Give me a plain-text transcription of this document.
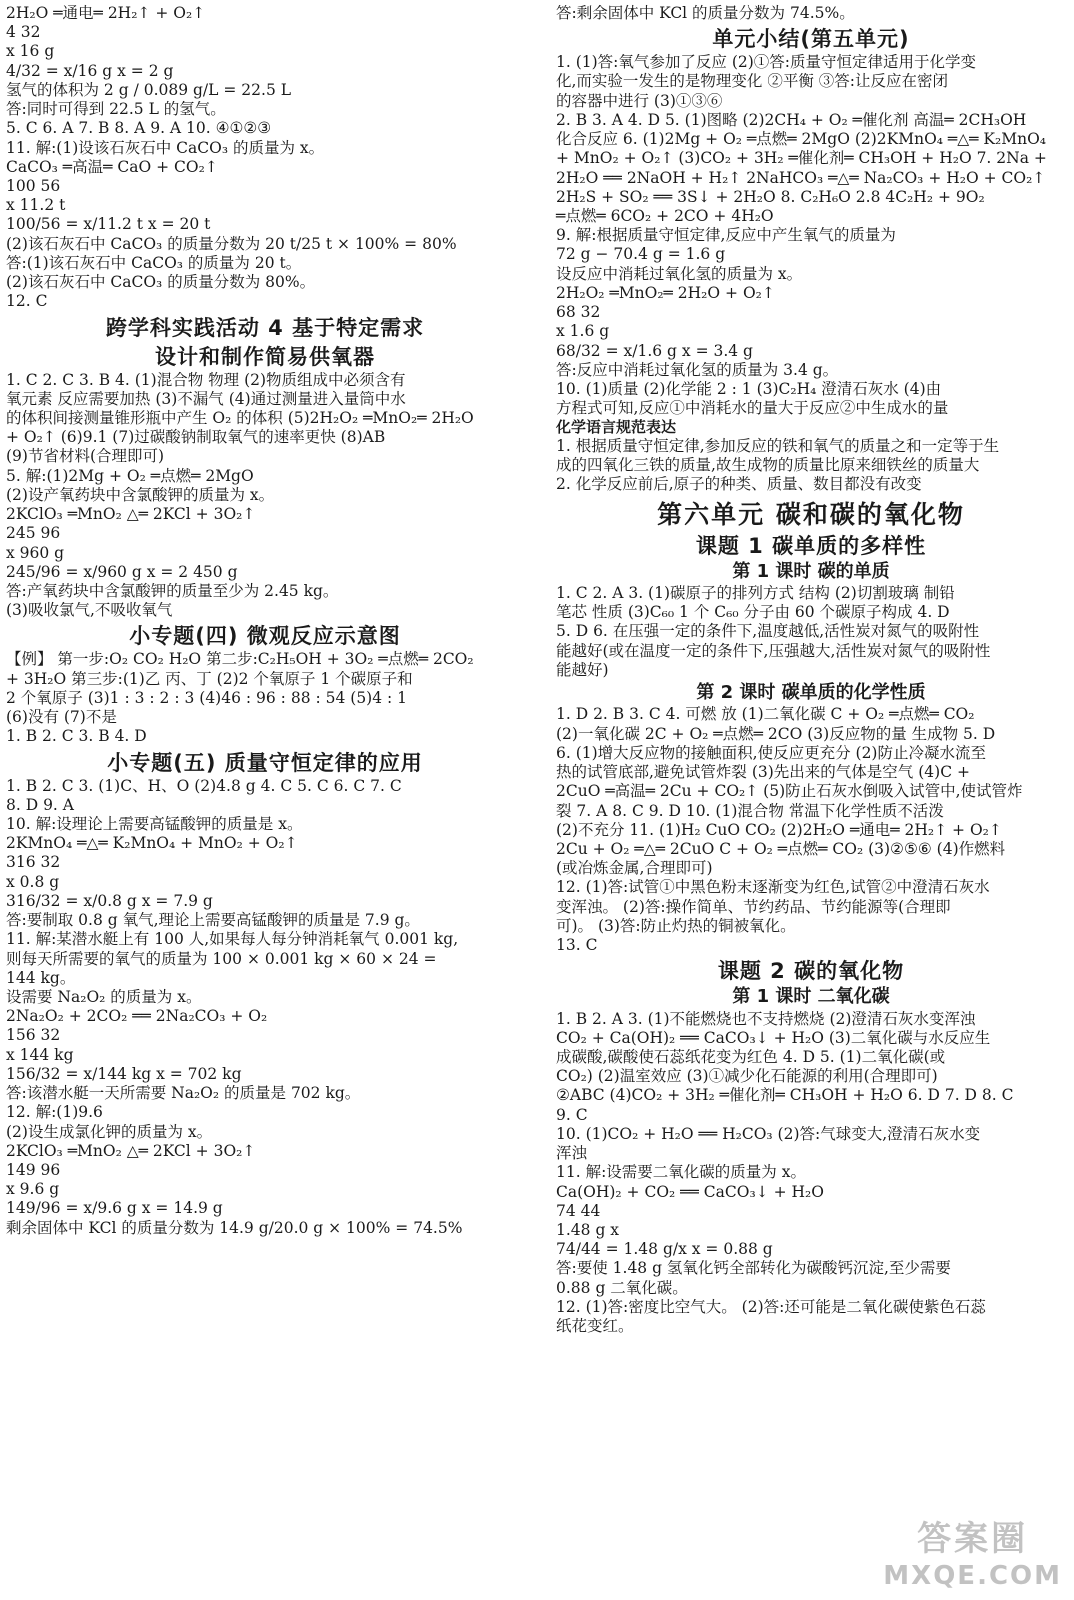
2H₂O ═通电═ 2H₂↑ + O₂↑
4 32
x 16 g
4/32 = x/16 g x = 2 g
氢气的体积为 2 g / 0.089 g/L = 22.5 L
答:同时可得到 22.5 L 的氢气。
5. C 6. A 7. B 8. A 9. A 10. ④①②③
11. 解:(1)设该石灰石中 CaCO₃ 的质量为 x。
CaCO₃ ═高温═ CaO + CO₂↑
100 56
x 11.2 t
100/56 = x/11.2 t x = 20 t
(2)该石灰石中 CaCO₃ 的质量分数为 20 t/25 t × 100% = 80%
答:(1)该石灰石中 CaCO₃ 的质量为 20 t。
(2)该石灰石中 CaCO₃ 的质量分数为 80%。
12. C
跨学科实践活动 4 基于特定需求
设计和制作简易供氧器
1. C 2. C 3. B 4. (1)混合物 物理 (2)物质组成中必须含有
氧元素 反应需要加热 (3)不漏气 (4)通过测量进入量筒中水
的体积间接测量锥形瓶中产生 O₂ 的体积 (5)2H₂O₂ ═MnO₂═ 2H₂O
+ O₂↑ (6)9.1 (7)过碳酸钠制取氧气的速率更快 (8)AB
(9)节省材料(合理即可)
5. 解:(1)2Mg + O₂ ═点燃═ 2MgO
(2)设产氧药块中含氯酸钾的质量为 x。
2KClO₃ ═MnO₂ △═ 2KCl + 3O₂↑
245 96
x 960 g
245/96 = x/960 g x = 2 450 g
答:产氧药块中含氯酸钾的质量至少为 2.45 kg。
(3)吸收氯气,不吸收氧气
小专题(四) 微观反应示意图
【例】 第一步:O₂ CO₂ H₂O 第二步:C₂H₅OH + 3O₂ ═点燃═ 2CO₂
+ 3H₂O 第三步:(1)乙 丙、丁 (2)2 个氧原子 1 个碳原子和
2 个氧原子 (3)1 : 3 : 2 : 3 (4)46 : 96 : 88 : 54 (5)4 : 1
(6)没有 (7)不是
1. B 2. C 3. B 4. D
小专题(五) 质量守恒定律的应用
1. B 2. C 3. (1)C、H、O (2)4.8 g 4. C 5. C 6. C 7. C
8. D 9. A
10. 解:设理论上需要高锰酸钾的质量是 x。
2KMnO₄ ═△═ K₂MnO₄ + MnO₂ + O₂↑
316 32
x 0.8 g
316/32 = x/0.8 g x = 7.9 g
答:要制取 0.8 g 氧气,理论上需要高锰酸钾的质量是 7.9 g。
11. 解:某潜水艇上有 100 人,如果每人每分钟消耗氧气 0.001 kg,
则每天所需要的氧气的质量为 100 × 0.001 kg × 60 × 24 =
144 kg。
设需要 Na₂O₂ 的质量为 x。
2Na₂O₂ + 2CO₂ ══ 2Na₂CO₃ + O₂
156 32
x 144 kg
156/32 = x/144 kg x = 702 kg
答:该潜水艇一天所需要 Na₂O₂ 的质量是 702 kg。
12. 解:(1)9.6
(2)设生成氯化钾的质量为 x。
2KClO₃ ═MnO₂ △═ 2KCl + 3O₂↑
149 96
x 9.6 g
149/96 = x/9.6 g x = 14.9 g
剩余固体中 KCl 的质量分数为 14.9 g/20.0 g × 100% = 74.5%
答:剩余固体中 KCl 的质量分数为 74.5%。
单元小结(第五单元)
1. (1)答:氧气参加了反应 (2)①答:质量守恒定律适用于化学变
化,而实验一发生的是物理变化 ②平衡 ③答:让反应在密闭
的容器中进行 (3)①③⑥
2. B 3. A 4. D 5. (1)图略 (2)2CH₄ + O₂ ═催化剂 高温═ 2CH₃OH
化合反应 6. (1)2Mg + O₂ ═点燃═ 2MgO (2)2KMnO₄ ═△═ K₂MnO₄
+ MnO₂ + O₂↑ (3)CO₂ + 3H₂ ═催化剂═ CH₃OH + H₂O 7. 2Na +
2H₂O ══ 2NaOH + H₂↑ 2NaHCO₃ ═△═ Na₂CO₃ + H₂O + CO₂↑
2H₂S + SO₂ ══ 3S↓ + 2H₂O 8. C₂H₆O 2.8 4C₂H₂ + 9O₂
═点燃═ 6CO₂ + 2CO + 4H₂O
9. 解:根据质量守恒定律,反应中产生氧气的质量为
72 g − 70.4 g = 1.6 g
设反应中消耗过氧化氢的质量为 x。
2H₂O₂ ═MnO₂═ 2H₂O + O₂↑
68 32
x 1.6 g
68/32 = x/1.6 g x = 3.4 g
答:反应中消耗过氧化氢的质量为 3.4 g。
10. (1)质量 (2)化学能 2 : 1 (3)C₂H₄ 澄清石灰水 (4)由
方程式可知,反应①中消耗水的量大于反应②中生成水的量
化学语言规范表达
1. 根据质量守恒定律,参加反应的铁和氧气的质量之和一定等于生
成的四氧化三铁的质量,故生成物的质量比原来细铁丝的质量大
2. 化学反应前后,原子的种类、质量、数目都没有改变
第六单元 碳和碳的氧化物
课题 1 碳单质的多样性
第 1 课时 碳的单质
1. C 2. A 3. (1)碳原子的排列方式 结构 (2)切割玻璃 制铅
笔芯 性质 (3)C₆₀ 1 个 C₆₀ 分子由 60 个碳原子构成 4. D
5. D 6. 在压强一定的条件下,温度越低,活性炭对氮气的吸附性
能越好(或在温度一定的条件下,压强越大,活性炭对氮气的吸附性
能越好)
第 2 课时 碳单质的化学性质
1. D 2. B 3. C 4. 可燃 放 (1)二氧化碳 C + O₂ ═点燃═ CO₂
(2)一氧化碳 2C + O₂ ═点燃═ 2CO (3)反应物的量 生成物 5. D
6. (1)增大反应物的接触面积,使反应更充分 (2)防止冷凝水流至
热的试管底部,避免试管炸裂 (3)先出来的气体是空气 (4)C +
2CuO ═高温═ 2Cu + CO₂↑ (5)防止石灰水倒吸入试管中,使试管炸
裂 7. A 8. C 9. D 10. (1)混合物 常温下化学性质不活泼
(2)不充分 11. (1)H₂ CuO CO₂ (2)2H₂O ═通电═ 2H₂↑ + O₂↑
2Cu + O₂ ═△═ 2CuO C + O₂ ═点燃═ CO₂ (3)②⑤⑥ (4)作燃料
(或冶炼金属,合理即可)
12. (1)答:试管①中黑色粉末逐渐变为红色,试管②中澄清石灰水
变浑浊。 (2)答:操作简单、节约药品、节约能源等(合理即
可)。 (3)答:防止灼热的铜被氧化。
13. C
课题 2 碳的氧化物
第 1 课时 二氧化碳
1. B 2. A 3. (1)不能燃烧也不支持燃烧 (2)澄清石灰水变浑浊
CO₂ + Ca(OH)₂ ══ CaCO₃↓ + H₂O (3)二氧化碳与水反应生
成碳酸,碳酸使石蕊纸花变为红色 4. D 5. (1)二氧化碳(或
CO₂) (2)温室效应 (3)①减少化石能源的利用(合理即可)
②ABC (4)CO₂ + 3H₂ ═催化剂═ CH₃OH + H₂O 6. D 7. D 8. C
9. C
10. (1)CO₂ + H₂O ══ H₂CO₃ (2)答:气球变大,澄清石灰水变
浑浊
11. 解:设需要二氧化碳的质量为 x。
Ca(OH)₂ + CO₂ ══ CaCO₃↓ + H₂O
74 44
1.48 g x
74/44 = 1.48 g/x x = 0.88 g
答:要使 1.48 g 氢氧化钙全部转化为碳酸钙沉淀,至少需要
0.88 g 二氧化碳。
12. (1)答:密度比空气大。 (2)答:还可能是二氧化碳使紫色石蕊
纸花变红。
答案圈
MXQE.COM
